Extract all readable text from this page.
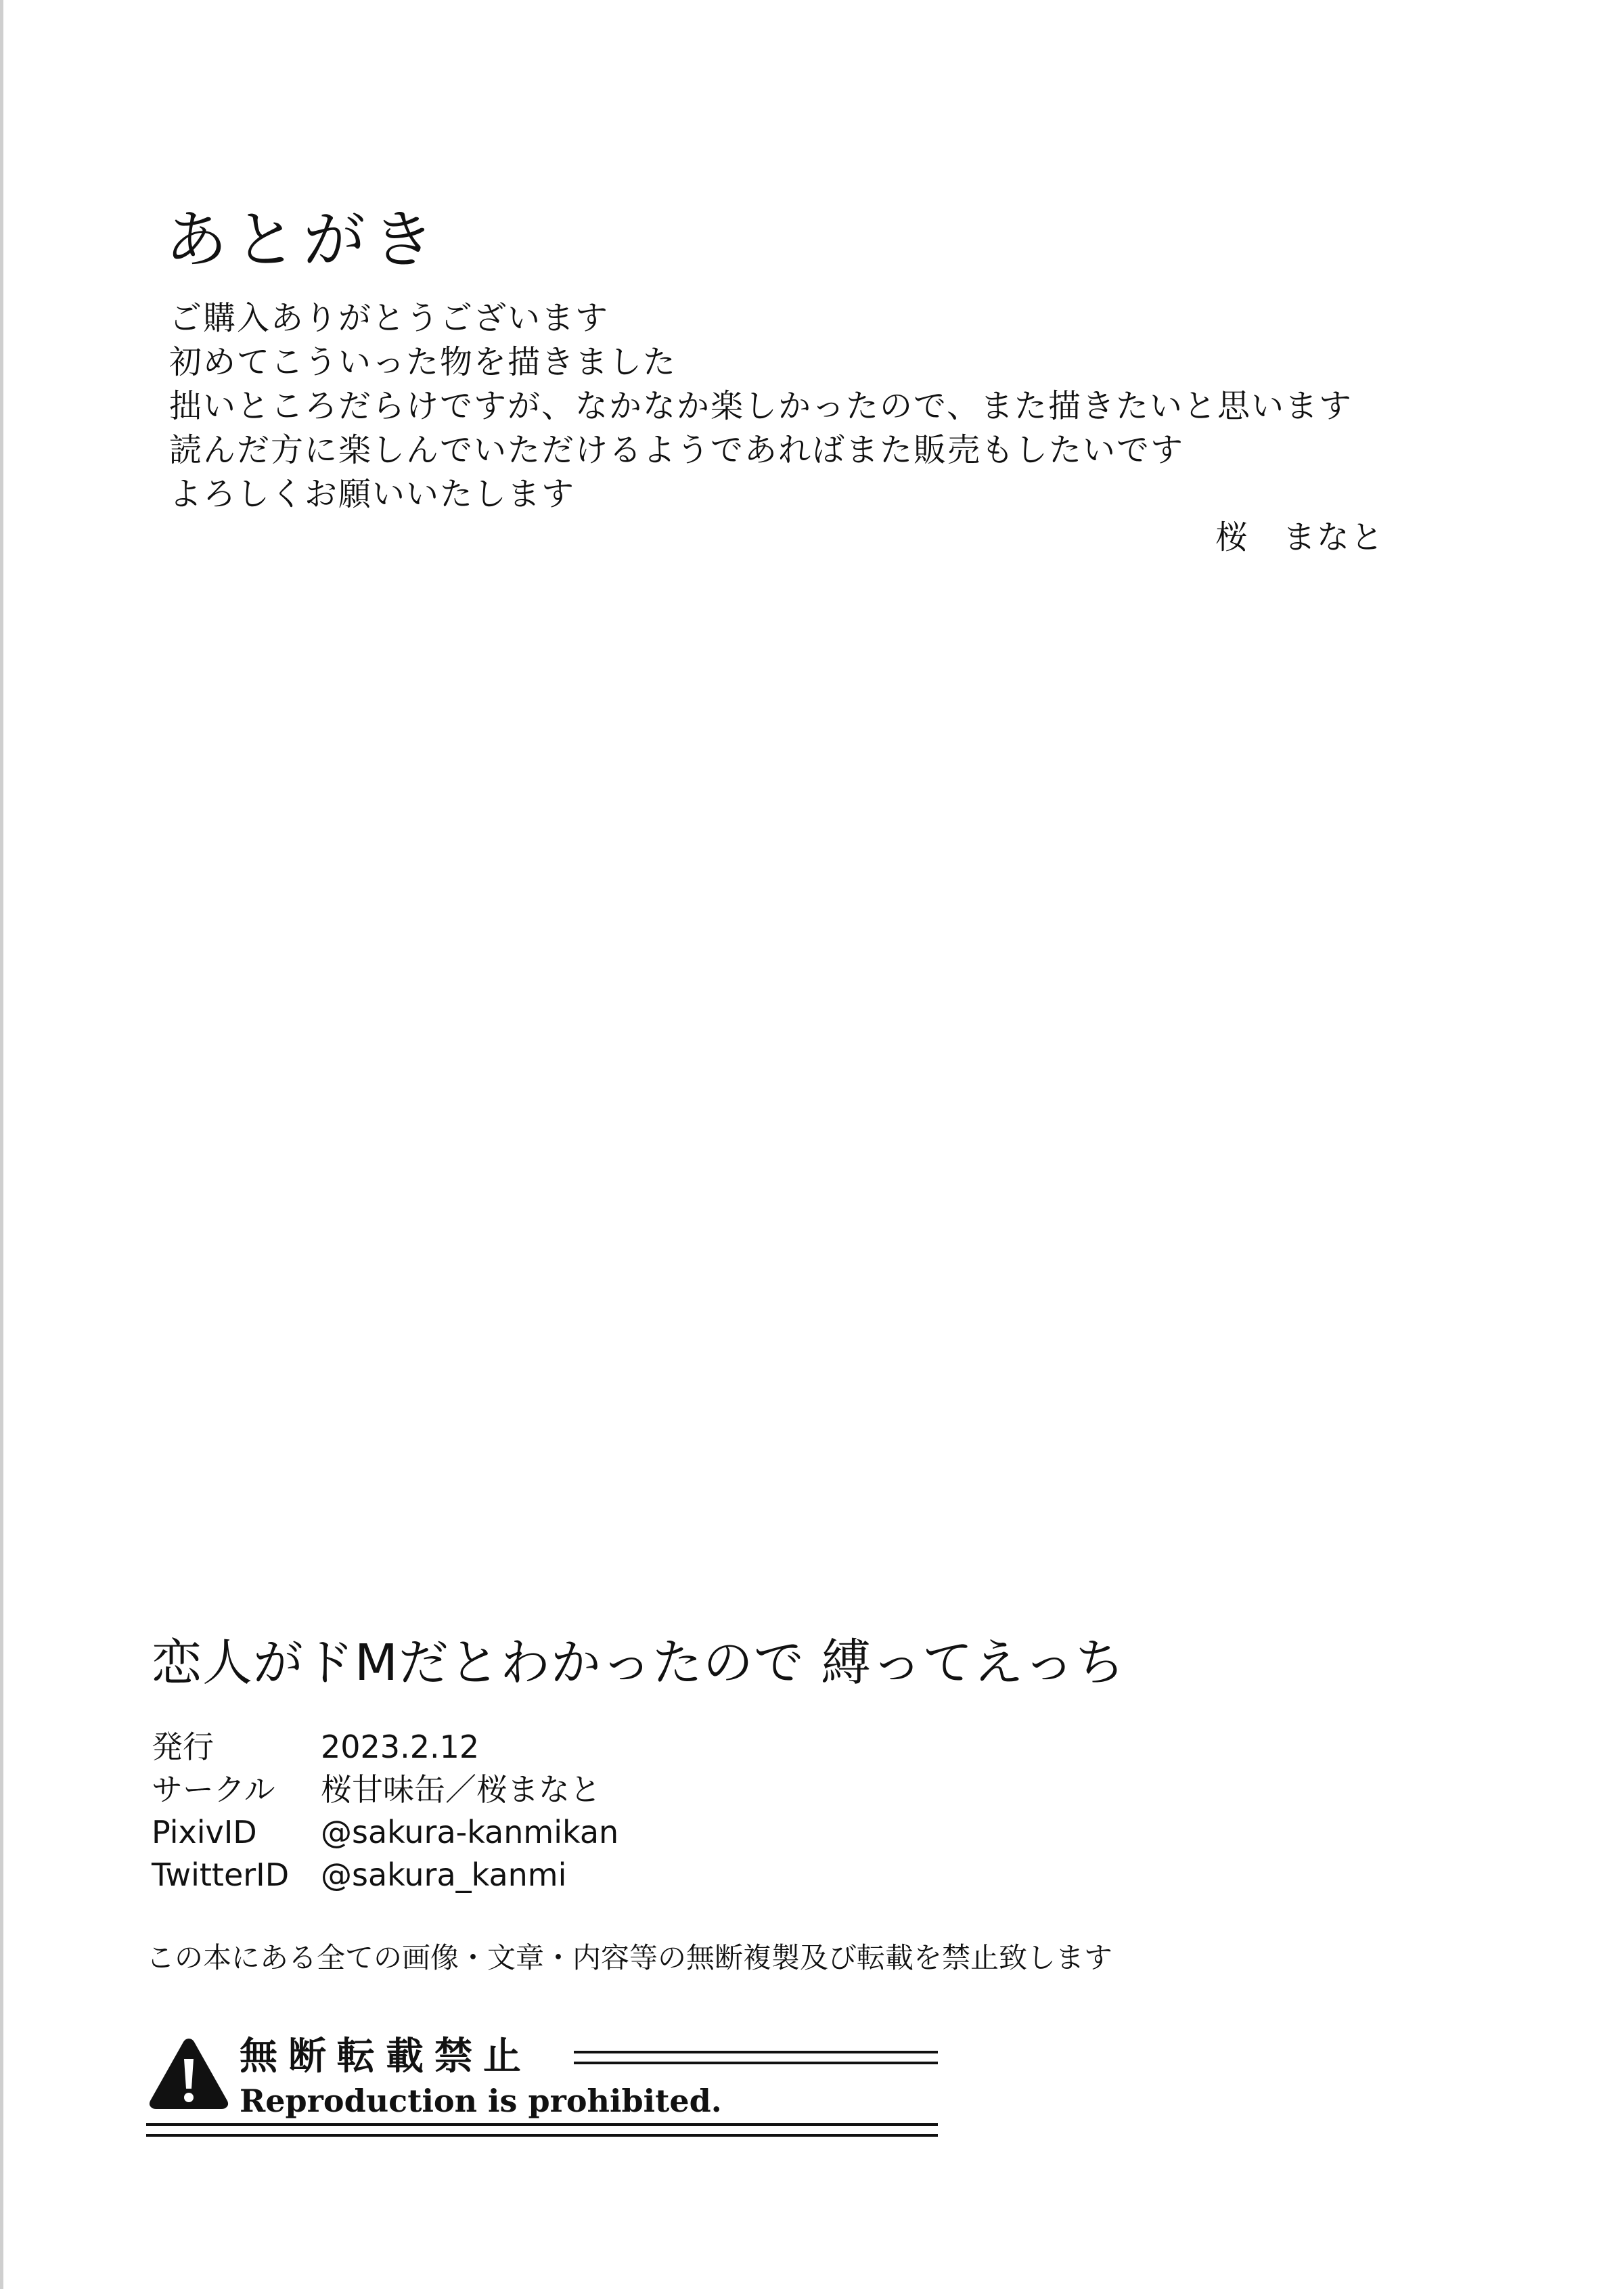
あとがき
ご購入ありがとうございます
初めてこういった物を描きました
拙いところだらけですが、なかなか楽しかったので、また描きたいと思います
読んだ方に楽しんでいただけるようであればまた販売もしたいです
よろしくお願いいたします
桜　まなと
恋人がドMだとわかったので 縛ってえっち
発行	2023.2.12
サークル 桜甘味缶／桜まなと
PixivID @sakura-kanmikan
TwitterID @sakura_kanmi
この本にある全ての画像・文章・内容等の無断複製及び転載を禁止致します
無断転載禁止
Reproduction is prohibited.
